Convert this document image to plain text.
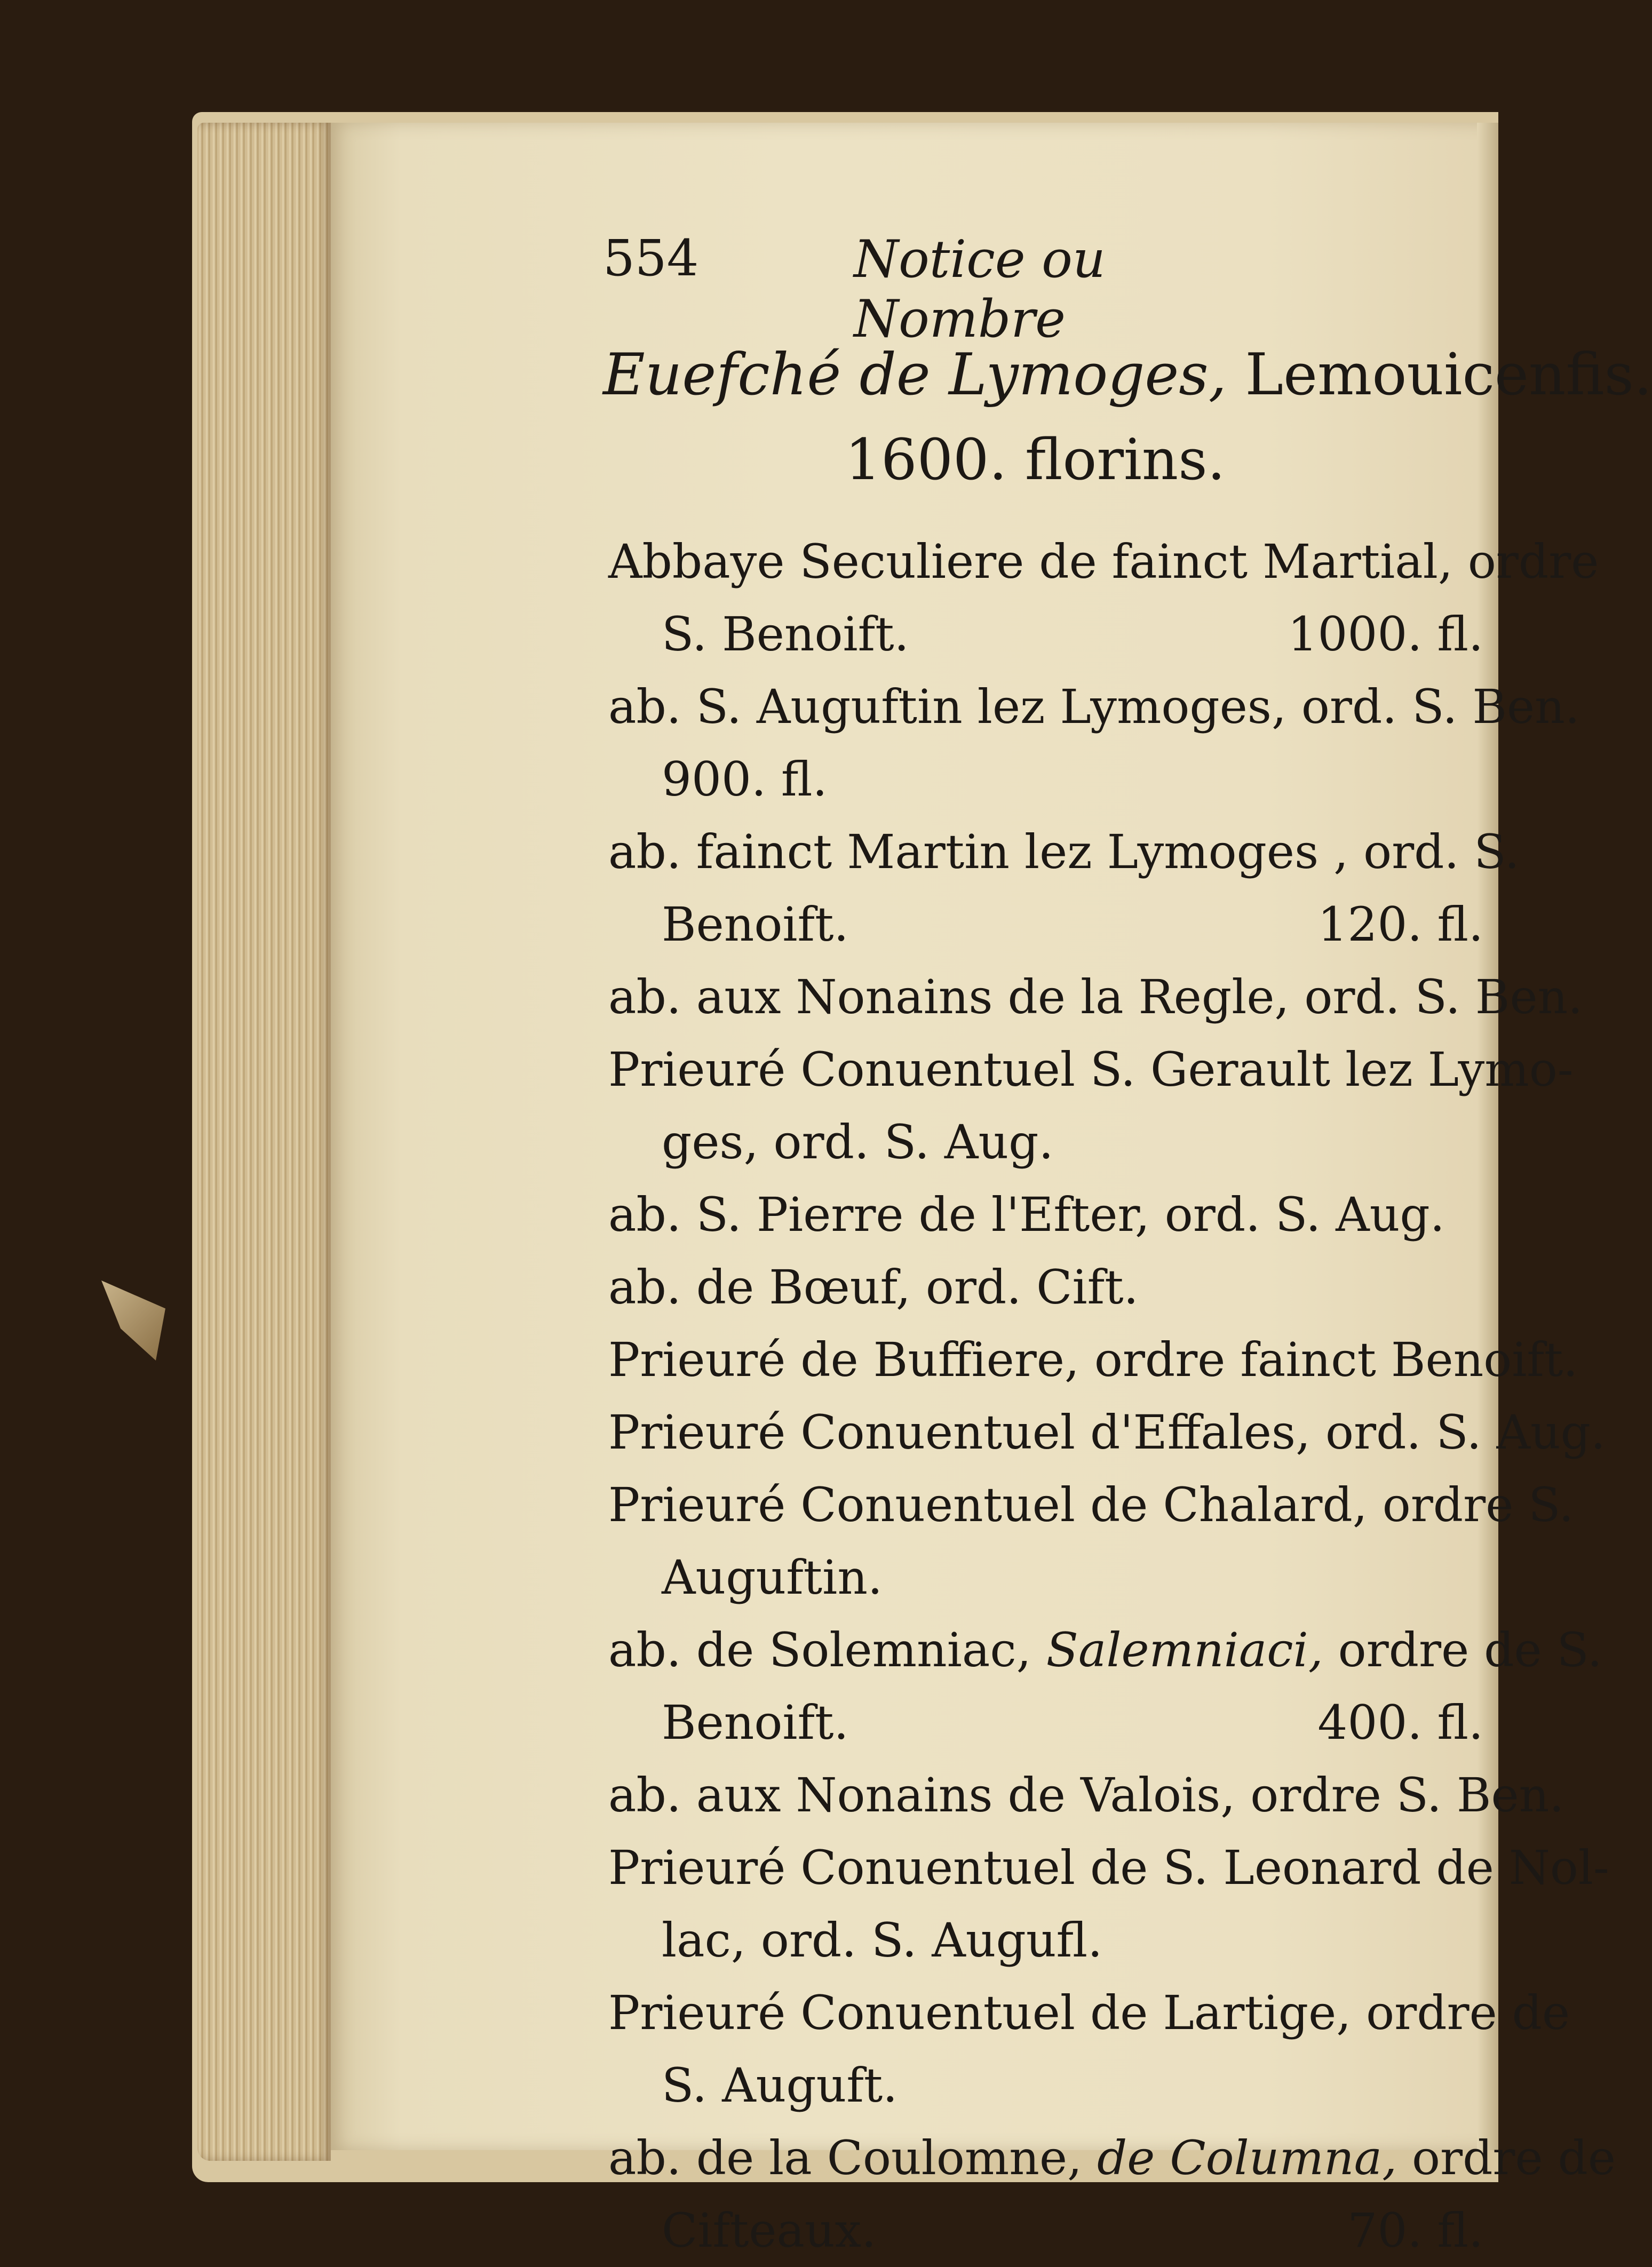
554	Notice ou Nombre
Euefché de Lymoges, Lemouicenfis.
1600. florins.
Abbaye Seculiere de fainct Martial, ordre
S. Benoift.	1000. fl.
ab. S. Auguftin lez Lymoges, ord. S. Ben.
900. fl.
ab. fainct Martin lez Lymoges , ord. S.
Benoift.	120. fl.
ab. aux Nonains de la Regle, ord. S. Ben.
Prieuré Conuentuel S. Gerault lez Lymo-
ges, ord. S. Aug.
ab. S. Pierre de l'Efter, ord. S. Aug.
ab. de Bœuf, ord. Cift.
Prieuré de Buffiere, ordre fainct Benoift.
Prieuré Conuentuel d'Effales, ord. S. Aug.
Prieuré Conuentuel de Chalard, ordre S.
Auguftin.
ab. de Solemniac, Salemniaci, ordre de S.
Benoift.	400. fl.
ab. aux Nonains de Valois, ordre S. Ben.
Prieuré Conuentuel de S. Leonard de Nol-
lac, ord. S. Augufl.
Prieuré Conuentuel de Lartige, ordre de
S. Auguft.
ab. de la Coulomne, de Columna, ordre de
Cifteaux.	70. fl.
